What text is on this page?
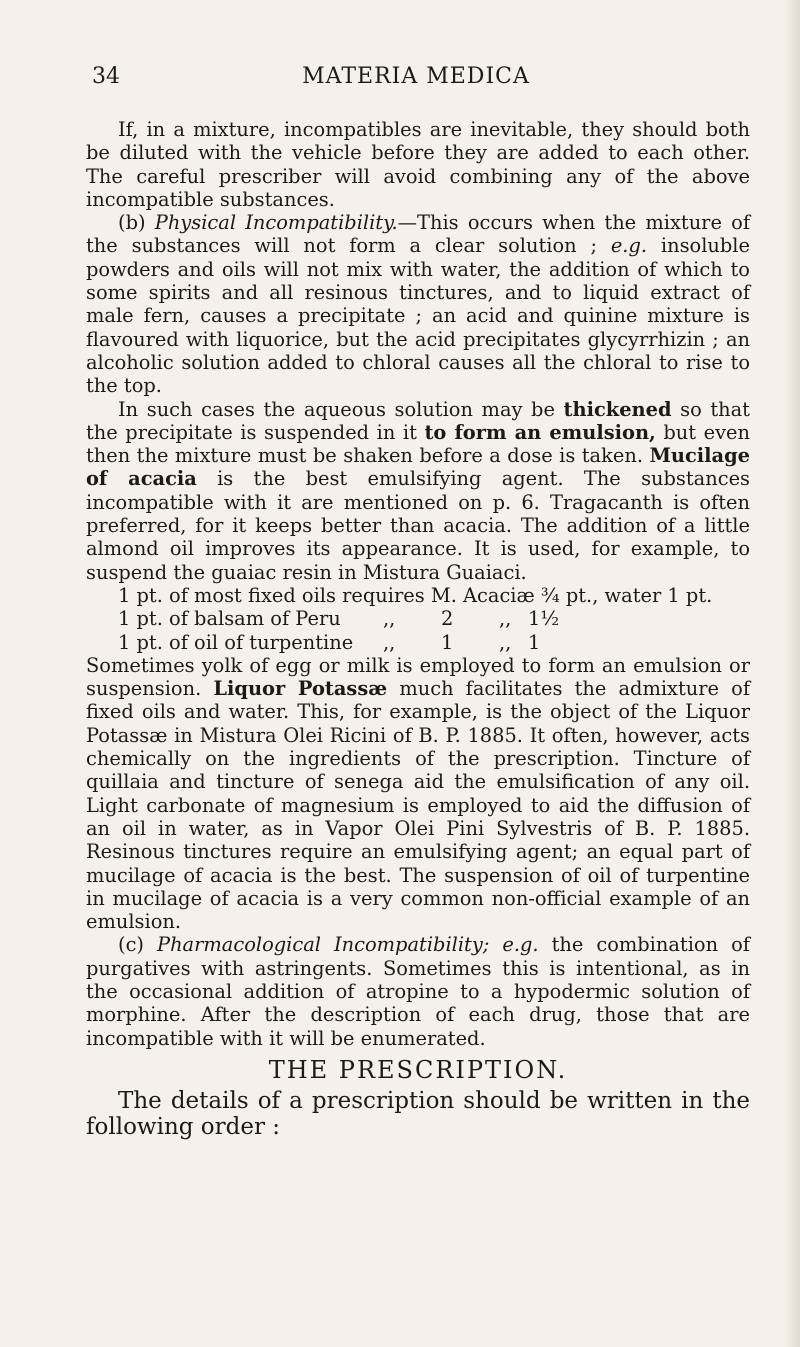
34	MATERIA MEDICA

If, in a mixture, incompatibles are inevitable, they should both be diluted with the vehicle before they are added to each other. The careful prescriber will avoid combining any of the above incompatible substances.

(b) Physical Incompatibility.—This occurs when the mixture of the substances will not form a clear solution ; e.g. insoluble powders and oils will not mix with water, the addition of which to some spirits and all resinous tinctures, and to liquid extract of male fern, causes a precipitate ; an acid and quinine mixture is flavoured with liquorice, but the acid precipitates glycyrrhizin ; an alcoholic solution added to chloral causes all the chloral to rise to the top.

In such cases the aqueous solution may be thickened so that the precipitate is suspended in it to form an emulsion, but even then the mixture must be shaken before a dose is taken. Mucilage of acacia is the best emulsifying agent. The substances incompatible with it are mentioned on p. 6. Tragacanth is often preferred, for it keeps better than acacia. The addition of a little almond oil improves its appearance. It is used, for example, to suspend the guaiac resin in Mistura Guaiaci.

1 pt. of most fixed oils requires M. Acaciæ ¾ pt., water 1 pt.
1 pt. of balsam of Peru ,, 2 ,, 1½
1 pt. of oil of turpentine ,, 1 ,, 1

Sometimes yolk of egg or milk is employed to form an emulsion or suspension. Liquor Potassæ much facilitates the admixture of fixed oils and water. This, for example, is the object of the Liquor Potassæ in Mistura Olei Ricini of B. P. 1885. It often, however, acts chemically on the ingredients of the prescription. Tincture of quillaia and tincture of senega aid the emulsification of any oil. Light carbonate of magnesium is employed to aid the diffusion of an oil in water, as in Vapor Olei Pini Sylvestris of B. P. 1885. Resinous tinctures require an emulsifying agent; an equal part of mucilage of acacia is the best. The suspension of oil of turpentine in mucilage of acacia is a very common non-official example of an emulsion.

(c) Pharmacological Incompatibility; e.g. the combination of purgatives with astringents. Sometimes this is intentional, as in the occasional addition of atropine to a hypodermic solution of morphine. After the description of each drug, those that are incompatible with it will be enumerated.

THE PRESCRIPTION.

The details of a prescription should be written in the following order :
